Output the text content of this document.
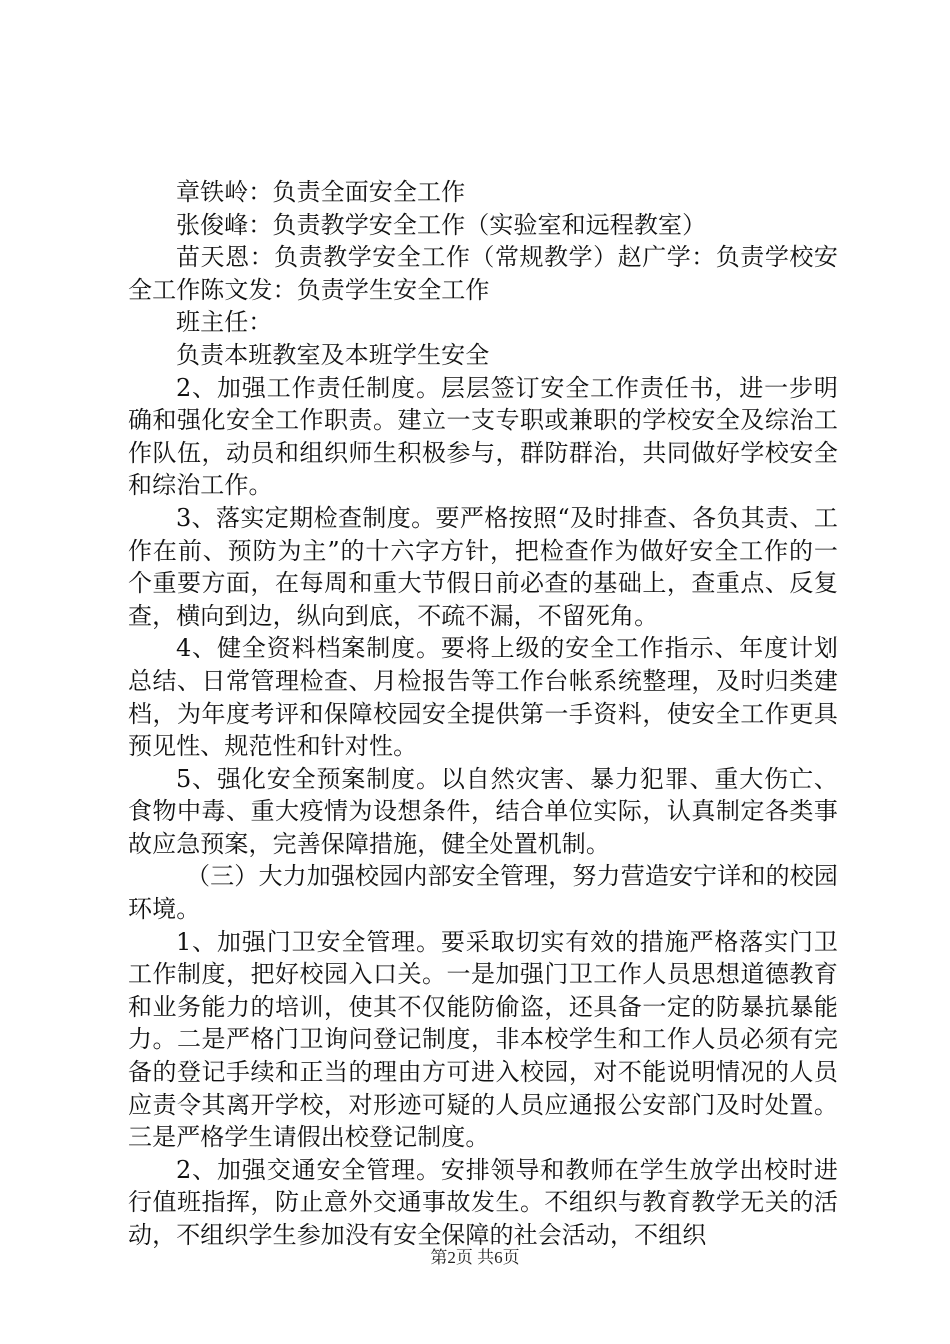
章铁岭：负责全面安全工作

张俊峰：负责教学安全工作（实验室和远程教室）

苗天恩：负责教学安全工作（常规教学）赵广学：负责学校安全工作陈文发：负责学生安全工作

班主任：

负责本班教室及本班学生安全

2、加强工作责任制度。层层签订安全工作责任书，进一步明确和强化安全工作职责。建立一支专职或兼职的学校安全及综治工作队伍，动员和组织师生积极参与，群防群治，共同做好学校安全和综治工作。

3、落实定期检查制度。要严格按照“及时排查、各负其责、工作在前、预防为主”的十六字方针，把检查作为做好安全工作的一个重要方面，在每周和重大节假日前必查的基础上，查重点、反复查，横向到边，纵向到底，不疏不漏，不留死角。

4、健全资料档案制度。要将上级的安全工作指示、年度计划总结、日常管理检查、月检报告等工作台帐系统整理，及时归类建档，为年度考评和保障校园安全提供第一手资料，使安全工作更具预见性、规范性和针对性。

5、强化安全预案制度。以自然灾害、暴力犯罪、重大伤亡、食物中毒、重大疫情为设想条件，结合单位实际，认真制定各类事故应急预案，完善保障措施，健全处置机制。

（三）大力加强校园内部安全管理，努力营造安宁详和的校园环境。

1、加强门卫安全管理。要采取切实有效的措施严格落实门卫工作制度，把好校园入口关。一是加强门卫工作人员思想道德教育和业务能力的培训，使其不仅能防偷盗，还具备一定的防暴抗暴能力。二是严格门卫询问登记制度，非本校学生和工作人员必须有完备的登记手续和正当的理由方可进入校园，对不能说明情况的人员应责令其离开学校，对形迹可疑的人员应通报公安部门及时处置。三是严格学生请假出校登记制度。

2、加强交通安全管理。安排领导和教师在学生放学出校时进行值班指挥，防止意外交通事故发生。不组织与教育教学无关的活动，不组织学生参加没有安全保障的社会活动，不组织

第2页 共6页
